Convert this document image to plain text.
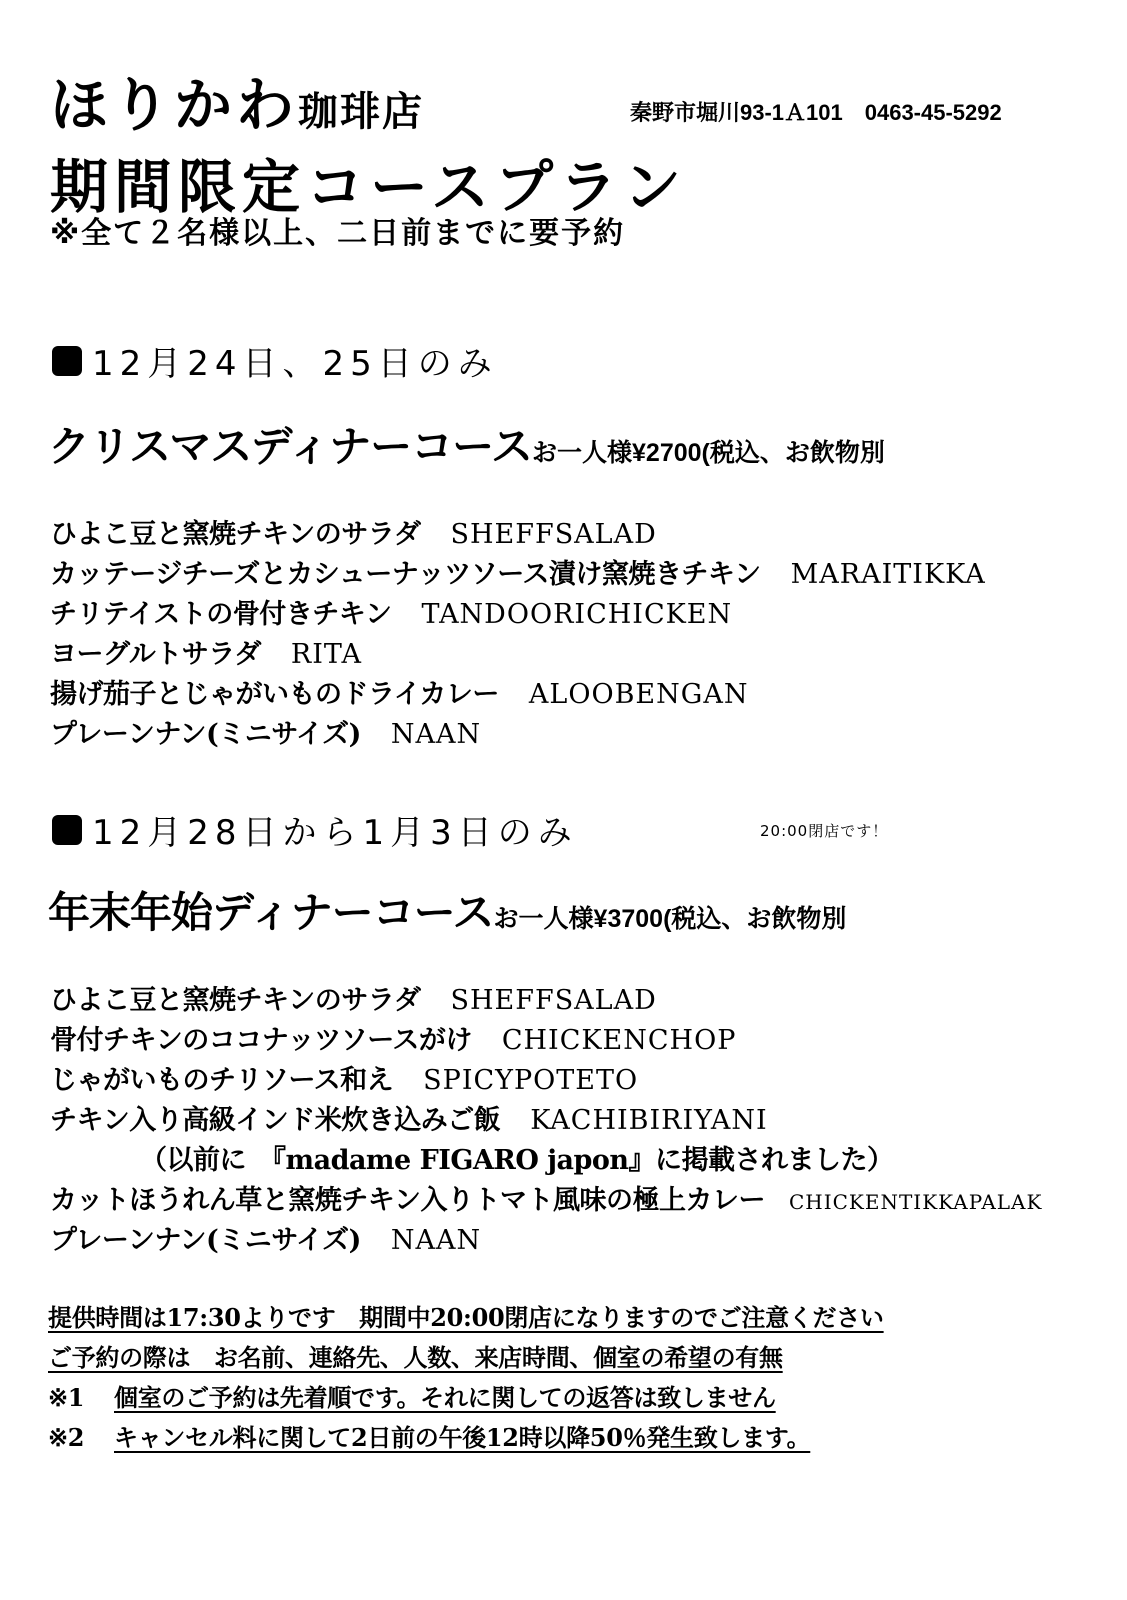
ほりかわ珈琲店	秦野市堀川93-1Ａ101　0463-45-5292
期間限定コースプラン
※全て２名様以上、二日前までに要予約
12月24日、25日のみ
クリスマスディナーコースお一人様¥2700(税込、お飲物別
ひよこ豆と窯焼チキンのサラダ SHEFFSALAD
カッテージチーズとカシューナッツソース漬け窯焼きチキン MARAITIKKA
チリテイストの骨付きチキン TANDOORICHICKEN
ヨーグルトサラダ RITA
揚げ茄子とじゃがいものドライカレー ALOOBENGAN
プレーンナン(ミニサイズ) NAAN
12月28日から1月3日のみ	20:00閉店です！
年末年始ディナーコースお一人様¥3700(税込、お飲物別
ひよこ豆と窯焼チキンのサラダ SHEFFSALAD
骨付チキンのココナッツソースがけ CHICKENCHOP
じゃがいものチリソース和え SPICYPOTETO
チキン入り高級インド米炊き込みご飯 KACHIBIRIYANI
（以前に　『madame FIGARO japon』に掲載されました）
カットほうれん草と窯焼チキン入りトマト風味の極上カレー CHICKENTIKKAPALAK
プレーンナン(ミニサイズ) NAAN
提供時間は17:30よりです　期間中20:00閉店になりますのでご注意ください
ご予約の際は　お名前、連絡先、人数、来店時間、個室の希望の有無
※1 個室のご予約は先着順です。それに関しての返答は致しません
※2 キャンセル料に関して2日前の午後12時以降50％発生致します。
